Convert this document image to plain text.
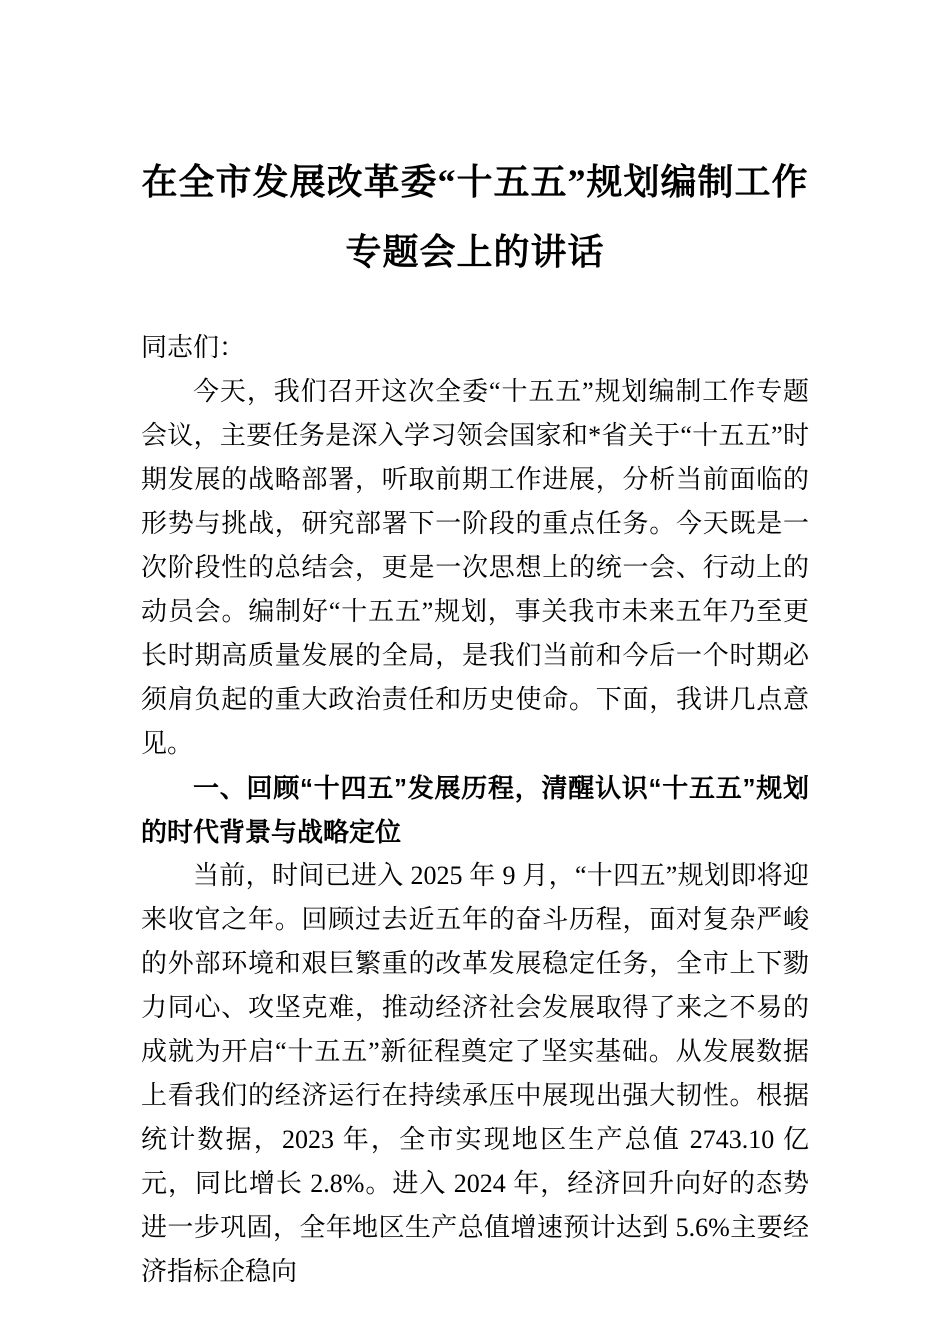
在全市发展改革委“十五五”规划编制工作专题会上的讲话

同志们：

今天，我们召开这次全委“十五五”规划编制工作专题会议，主要任务是深入学习领会国家和*省关于“十五五”时期发展的战略部署，听取前期工作进展，分析当前面临的形势与挑战，研究部署下一阶段的重点任务。今天既是一次阶段性的总结会，更是一次思想上的统一会、行动上的动员会。编制好“十五五”规划，事关我市未来五年乃至更长时期高质量发展的全局，是我们当前和今后一个时期必须肩负起的重大政治责任和历史使命。下面，我讲几点意见。

一、回顾“十四五”发展历程，清醒认识“十五五”规划的时代背景与战略定位

当前，时间已进入 2025 年 9 月，“十四五”规划即将迎来收官之年。回顾过去近五年的奋斗历程，面对复杂严峻的外部环境和艰巨繁重的改革发展稳定任务，全市上下勠力同心、攻坚克难，推动经济社会发展取得了来之不易的成就为开启“十五五”新征程奠定了坚实基础。从发展数据上看我们的经济运行在持续承压中展现出强大韧性。根据统计数据，2023 年，全市实现地区生产总值 2743.10 亿元，同比增长 2.8%。进入 2024 年，经济回升向好的态势进一步巩固，全年地区生产总值增速预计达到 5.6%主要经济指标企稳向
